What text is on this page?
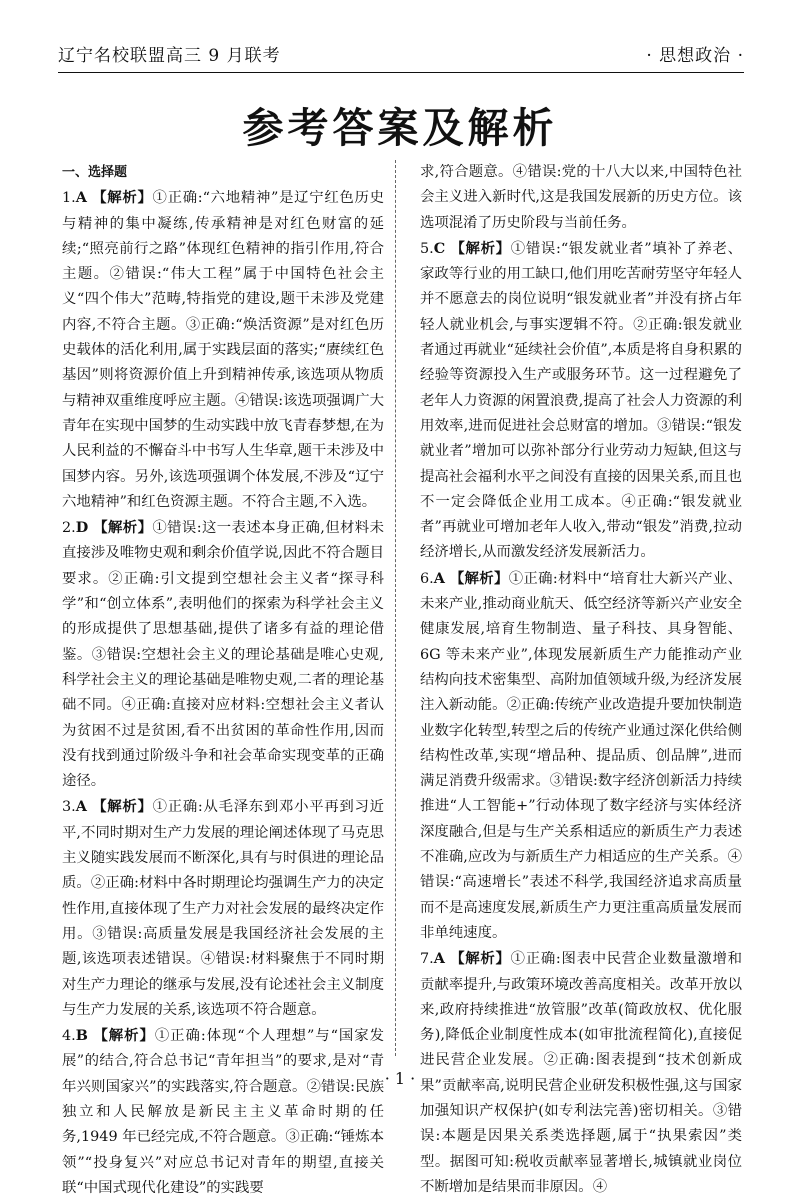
辽宁名校联盟高三 9 月联考	· 思想政治 ·
参考答案及解析
一、选择题

1.A 【解析】①正确:“六地精神”是辽宁红色历史与精神的集中凝练,传承精神是对红色财富的延续;“照亮前行之路”体现红色精神的指引作用,符合主题。②错误:“伟大工程”属于中国特色社会主义“四个伟大”范畴,特指党的建设,题干未涉及党建内容,不符合主题。③正确:“焕活资源”是对红色历史载体的活化利用,属于实践层面的落实;“赓续红色基因”则将资源价值上升到精神传承,该选项从物质与精神双重维度呼应主题。④错误:该选项强调广大青年在实现中国梦的生动实践中放飞青春梦想,在为人民利益的不懈奋斗中书写人生华章,题干未涉及中国梦内容。另外,该选项强调个体发展,不涉及“辽宁六地精神”和红色资源主题。不符合主题,不入选。

2.D 【解析】①错误:这一表述本身正确,但材料未直接涉及唯物史观和剩余价值学说,因此不符合题目要求。②正确:引文提到空想社会主义者“探寻科学”和“创立体系”,表明他们的探索为科学社会主义的形成提供了思想基础,提供了诸多有益的理论借鉴。③错误:空想社会主义的理论基础是唯心史观,科学社会主义的理论基础是唯物史观,二者的理论基础不同。④正确:直接对应材料:空想社会主义者认为贫困不过是贫困,看不出贫困的革命性作用,因而没有找到通过阶级斗争和社会革命实现变革的正确途径。

3.A 【解析】①正确:从毛泽东到邓小平再到习近平,不同时期对生产力发展的理论阐述体现了马克思主义随实践发展而不断深化,具有与时俱进的理论品质。②正确:材料中各时期理论均强调生产力的决定性作用,直接体现了生产力对社会发展的最终决定作用。③错误:高质量发展是我国经济社会发展的主题,该选项表述错误。④错误:材料聚焦于不同时期对生产力理论的继承与发展,没有论述社会主义制度与生产力发展的关系,该选项不符合题意。

4.B 【解析】①正确:体现“个人理想”与“国家发展”的结合,符合总书记“青年担当”的要求,是对“青年兴则国家兴”的实践落实,符合题意。②错误:民族独立和人民解放是新民主主义革命时期的任务,1949 年已经完成,不符合题意。③正确:“锤炼本领”“投身复兴”对应总书记对青年的期望,直接关联“中国式现代化建设”的实践要

求,符合题意。④错误:党的十八大以来,中国特色社会主义进入新时代,这是我国发展新的历史方位。该选项混淆了历史阶段与当前任务。

5.C 【解析】①错误:“银发就业者”填补了养老、家政等行业的用工缺口,他们用吃苦耐劳坚守年轻人并不愿意去的岗位说明“银发就业者”并没有挤占年轻人就业机会,与事实逻辑不符。②正确:银发就业者通过再就业“延续社会价值”,本质是将自身积累的经验等资源投入生产或服务环节。这一过程避免了老年人力资源的闲置浪费,提高了社会人力资源的利用效率,进而促进社会总财富的增加。③错误:“银发就业者”增加可以弥补部分行业劳动力短缺,但这与提高社会福利水平之间没有直接的因果关系,而且也不一定会降低企业用工成本。④正确:“银发就业者”再就业可增加老年人收入,带动“银发”消费,拉动经济增长,从而激发经济发展新活力。

6.A 【解析】①正确:材料中“培育壮大新兴产业、未来产业,推动商业航天、低空经济等新兴产业安全健康发展,培育生物制造、量子科技、具身智能、6G 等未来产业”,体现发展新质生产力能推动产业结构向技术密集型、高附加值领域升级,为经济发展注入新动能。②正确:传统产业改造提升要加快制造业数字化转型,转型之后的传统产业通过深化供给侧结构性改革,实现“增品种、提品质、创品牌”,进而满足消费升级需求。③错误:数字经济创新活力持续推进“人工智能+”行动体现了数字经济与实体经济深度融合,但是与生产关系相适应的新质生产力表述不准确,应改为与新质生产力相适应的生产关系。④错误:“高速增长”表述不科学,我国经济追求高质量而不是高速度发展,新质生产力更注重高质量发展而非单纯速度。

7.A 【解析】①正确:图表中民营企业数量激增和贡献率提升,与政策环境改善高度相关。改革开放以来,政府持续推进“放管服”改革(简政放权、优化服务),降低企业制度性成本(如审批流程简化),直接促进民营企业发展。②正确:图表提到“技术创新成果”贡献率高,说明民营企业研发积极性强,这与国家加强知识产权保护(如专利法完善)密切相关。③错误:本题是因果关系类选择题,属于“执果索因”类型。据图可知:税收贡献率显著增长,城镇就业岗位不断增加是结果而非原因。④

· 1 ·
